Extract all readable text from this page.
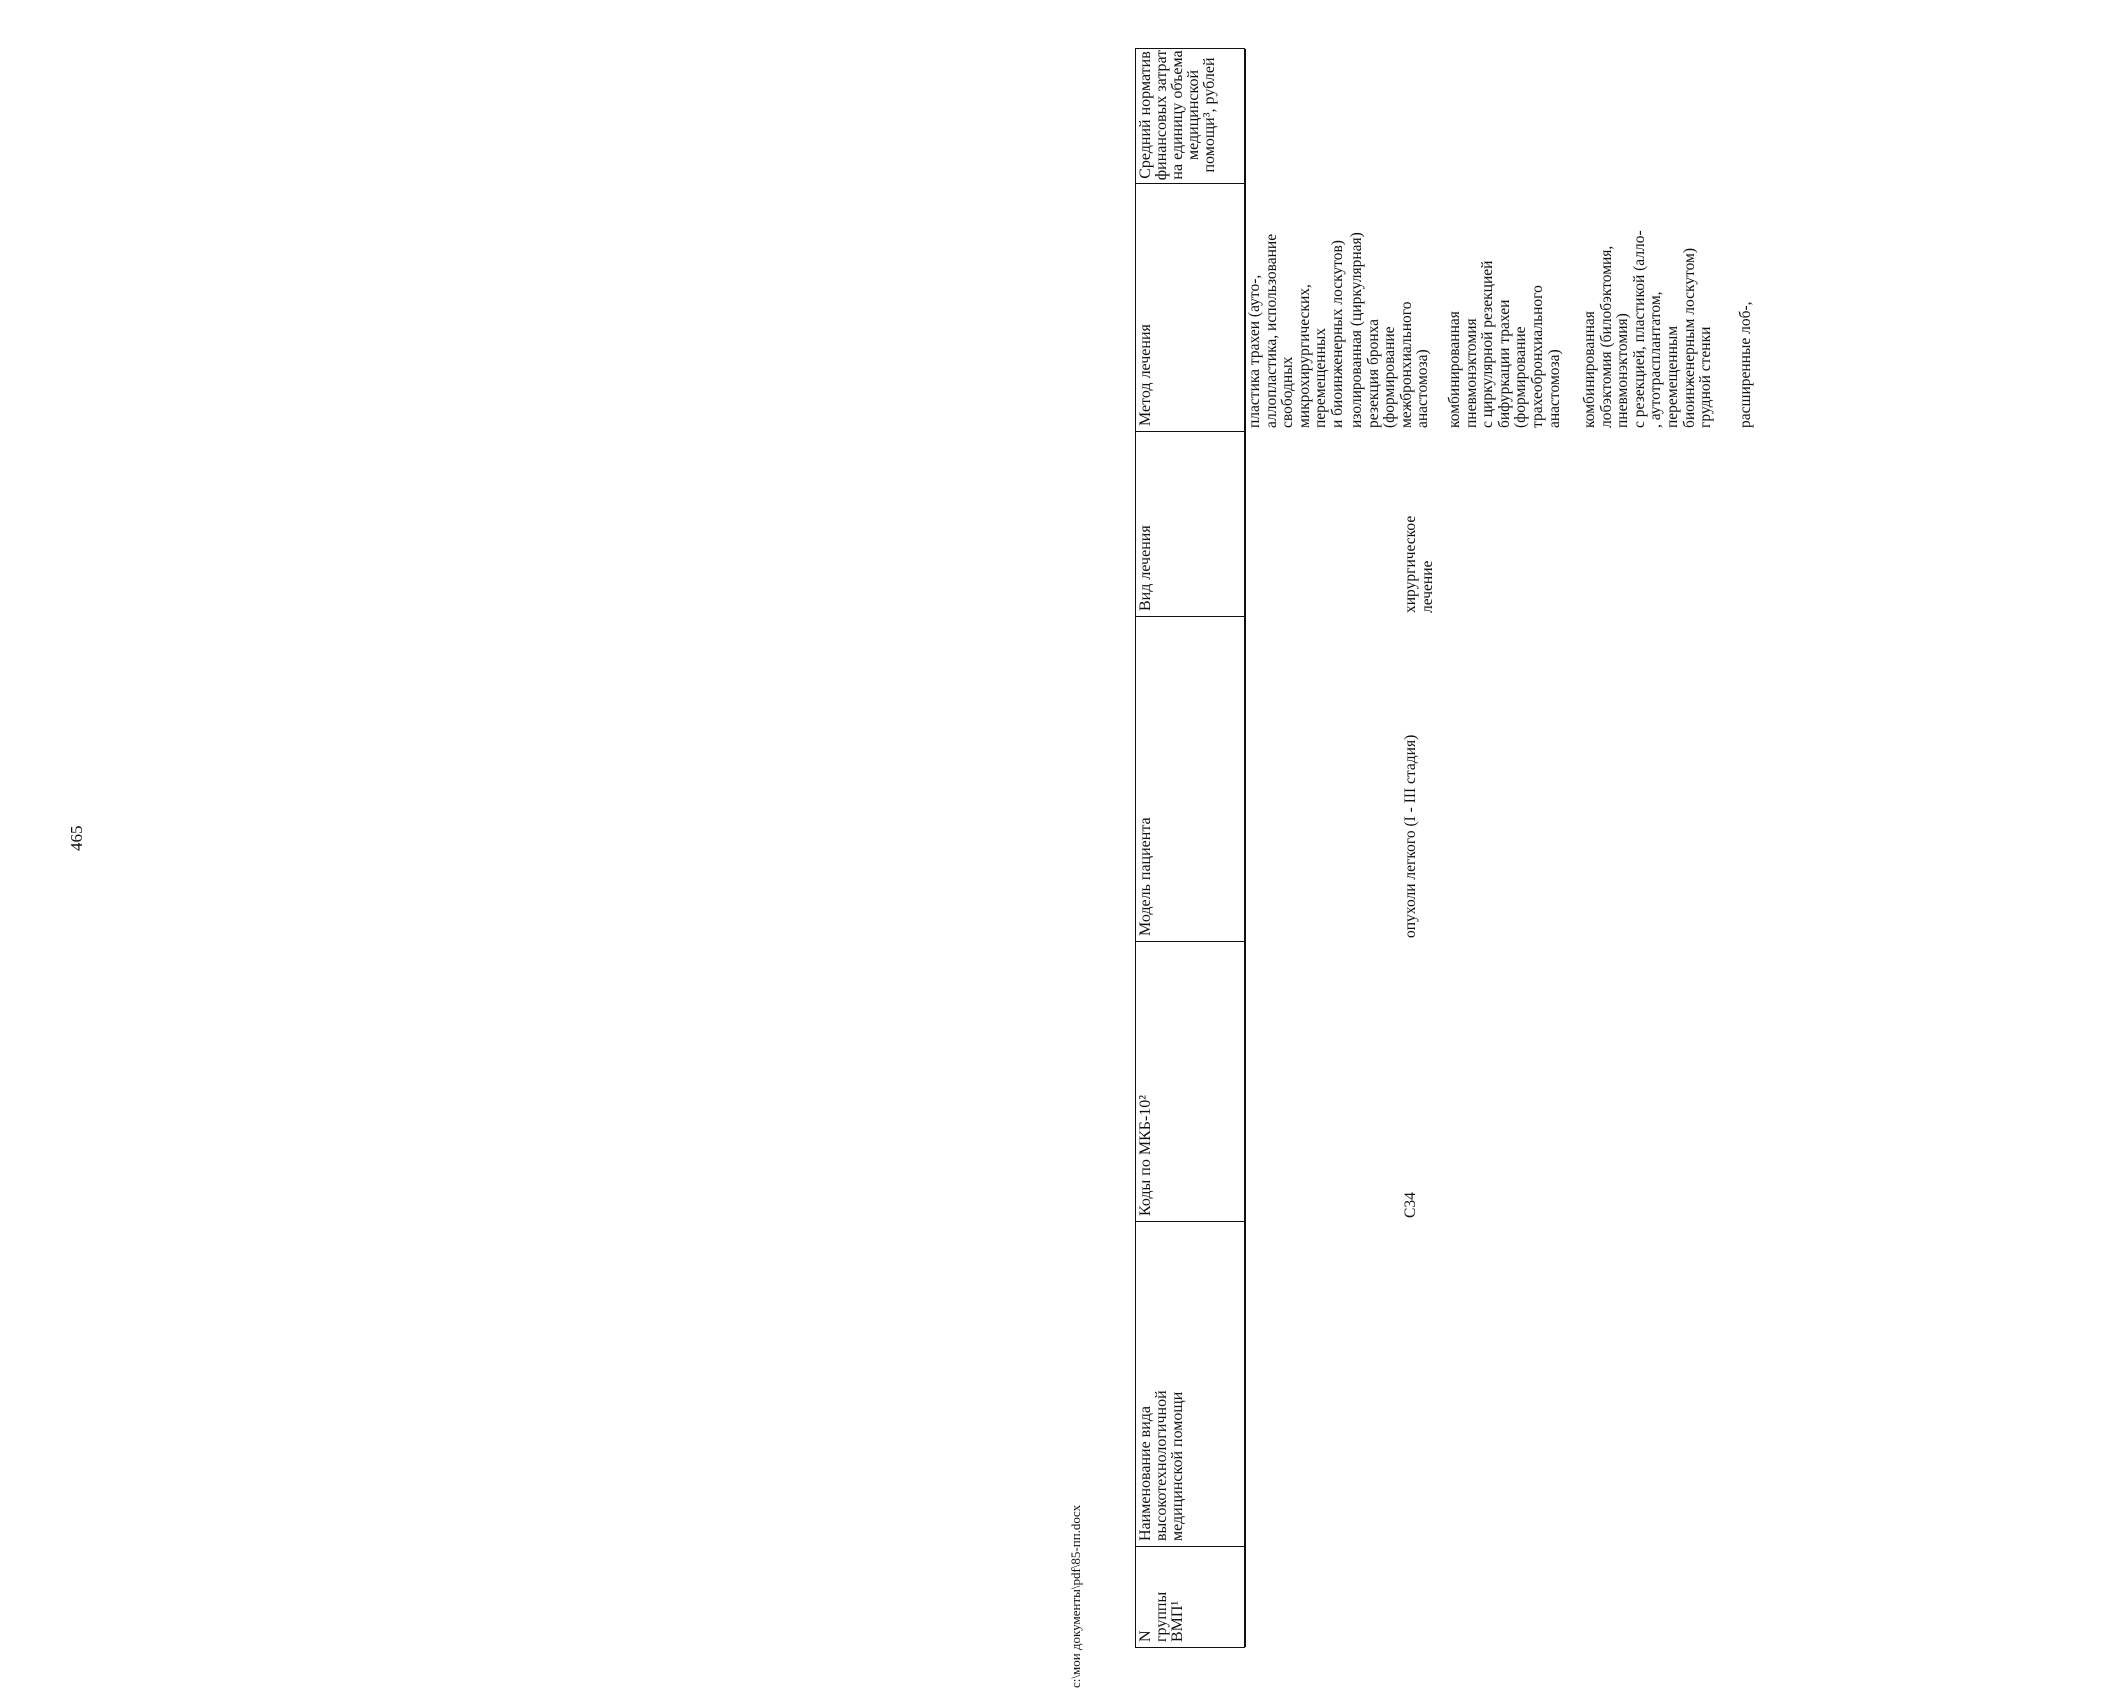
465
N группы ВМП¹
Наименование вида высокотехнологичной медицинской помощи
Коды по МКБ-10²
Модель пациента
Вид лечения
Метод лечения
Средний норматив финансовых затрат на единицу объема медицинской помощи³, рублей
C34
опухоли легкого (I - III стадия)
хирургическое лечение
пластика трахеи (ауто-, аллопластика, использование свободных микрохирургических, перемещенных и биоинженерных лоскутов) изолированная (циркулярная) резекция бронха (формирование межбронхиального анастомоза) комбинированная пневмонэктомия с циркулярной резекцией бифуркации трахеи (формирование трахеобронхиального анастомоза) комбинированная лобэктомия (билобэктомия, пневмонэктомия) с резекцией, пластикой (алло- , аутотрасплантатом, перемещенным биоинженерным лоскутом) грудной стенки расширенные лоб-,
c:\мои документы\pdf\85-пп.docx
